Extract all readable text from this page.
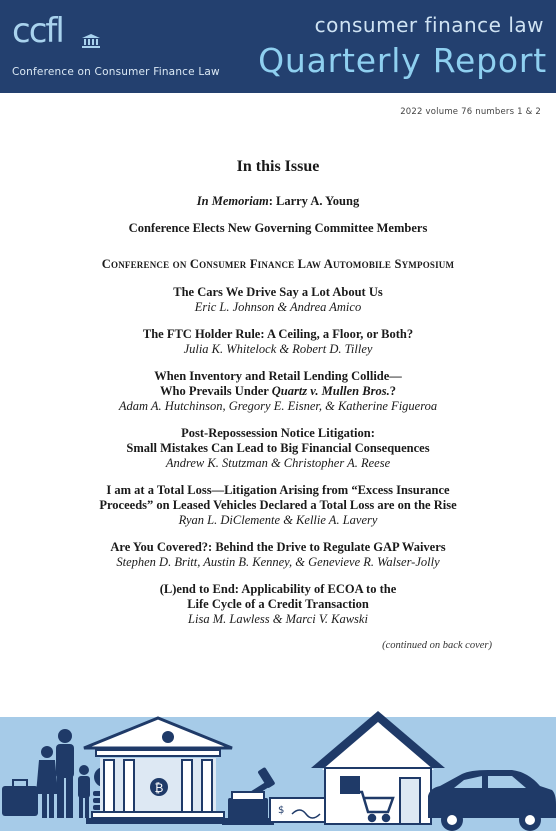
ccfl
Conference on Consumer Finance Law
consumer finance law
Quarterly Report
2022 volume 76 numbers 1 & 2
In this Issue
In Memoriam: Larry A. Young
Conference Elects New Governing Committee Members
Conference on Consumer Finance Law Automobile Symposium
The Cars We Drive Say a Lot About Us
Eric L. Johnson & Andrea Amico
The FTC Holder Rule: A Ceiling, a Floor, or Both?
Julia K. Whitelock & Robert D. Tilley
When Inventory and Retail Lending Collide—
Who Prevails Under Quartz v. Mullen Bros.?
Adam A. Hutchinson, Gregory E. Eisner, & Katherine Figueroa
Post-Repossession Notice Litigation:
Small Mistakes Can Lead to Big Financial Consequences
Andrew K. Stutzman & Christopher A. Reese
I am at a Total Loss—Litigation Arising from “Excess Insurance
Proceeds” on Leased Vehicles Declared a Total Loss are on the Rise
Ryan L. DiClemente & Kellie A. Lavery
Are You Covered?: Behind the Drive to Regulate GAP Waivers
Stephen D. Britt, Austin B. Kenney, & Genevieve R. Walser-Jolly
(L)end to End: Applicability of ECOA to the
Life Cycle of a Credit Transaction
Lisa M. Lawless & Marci V. Kawski
(continued on back cover)
₿
$
